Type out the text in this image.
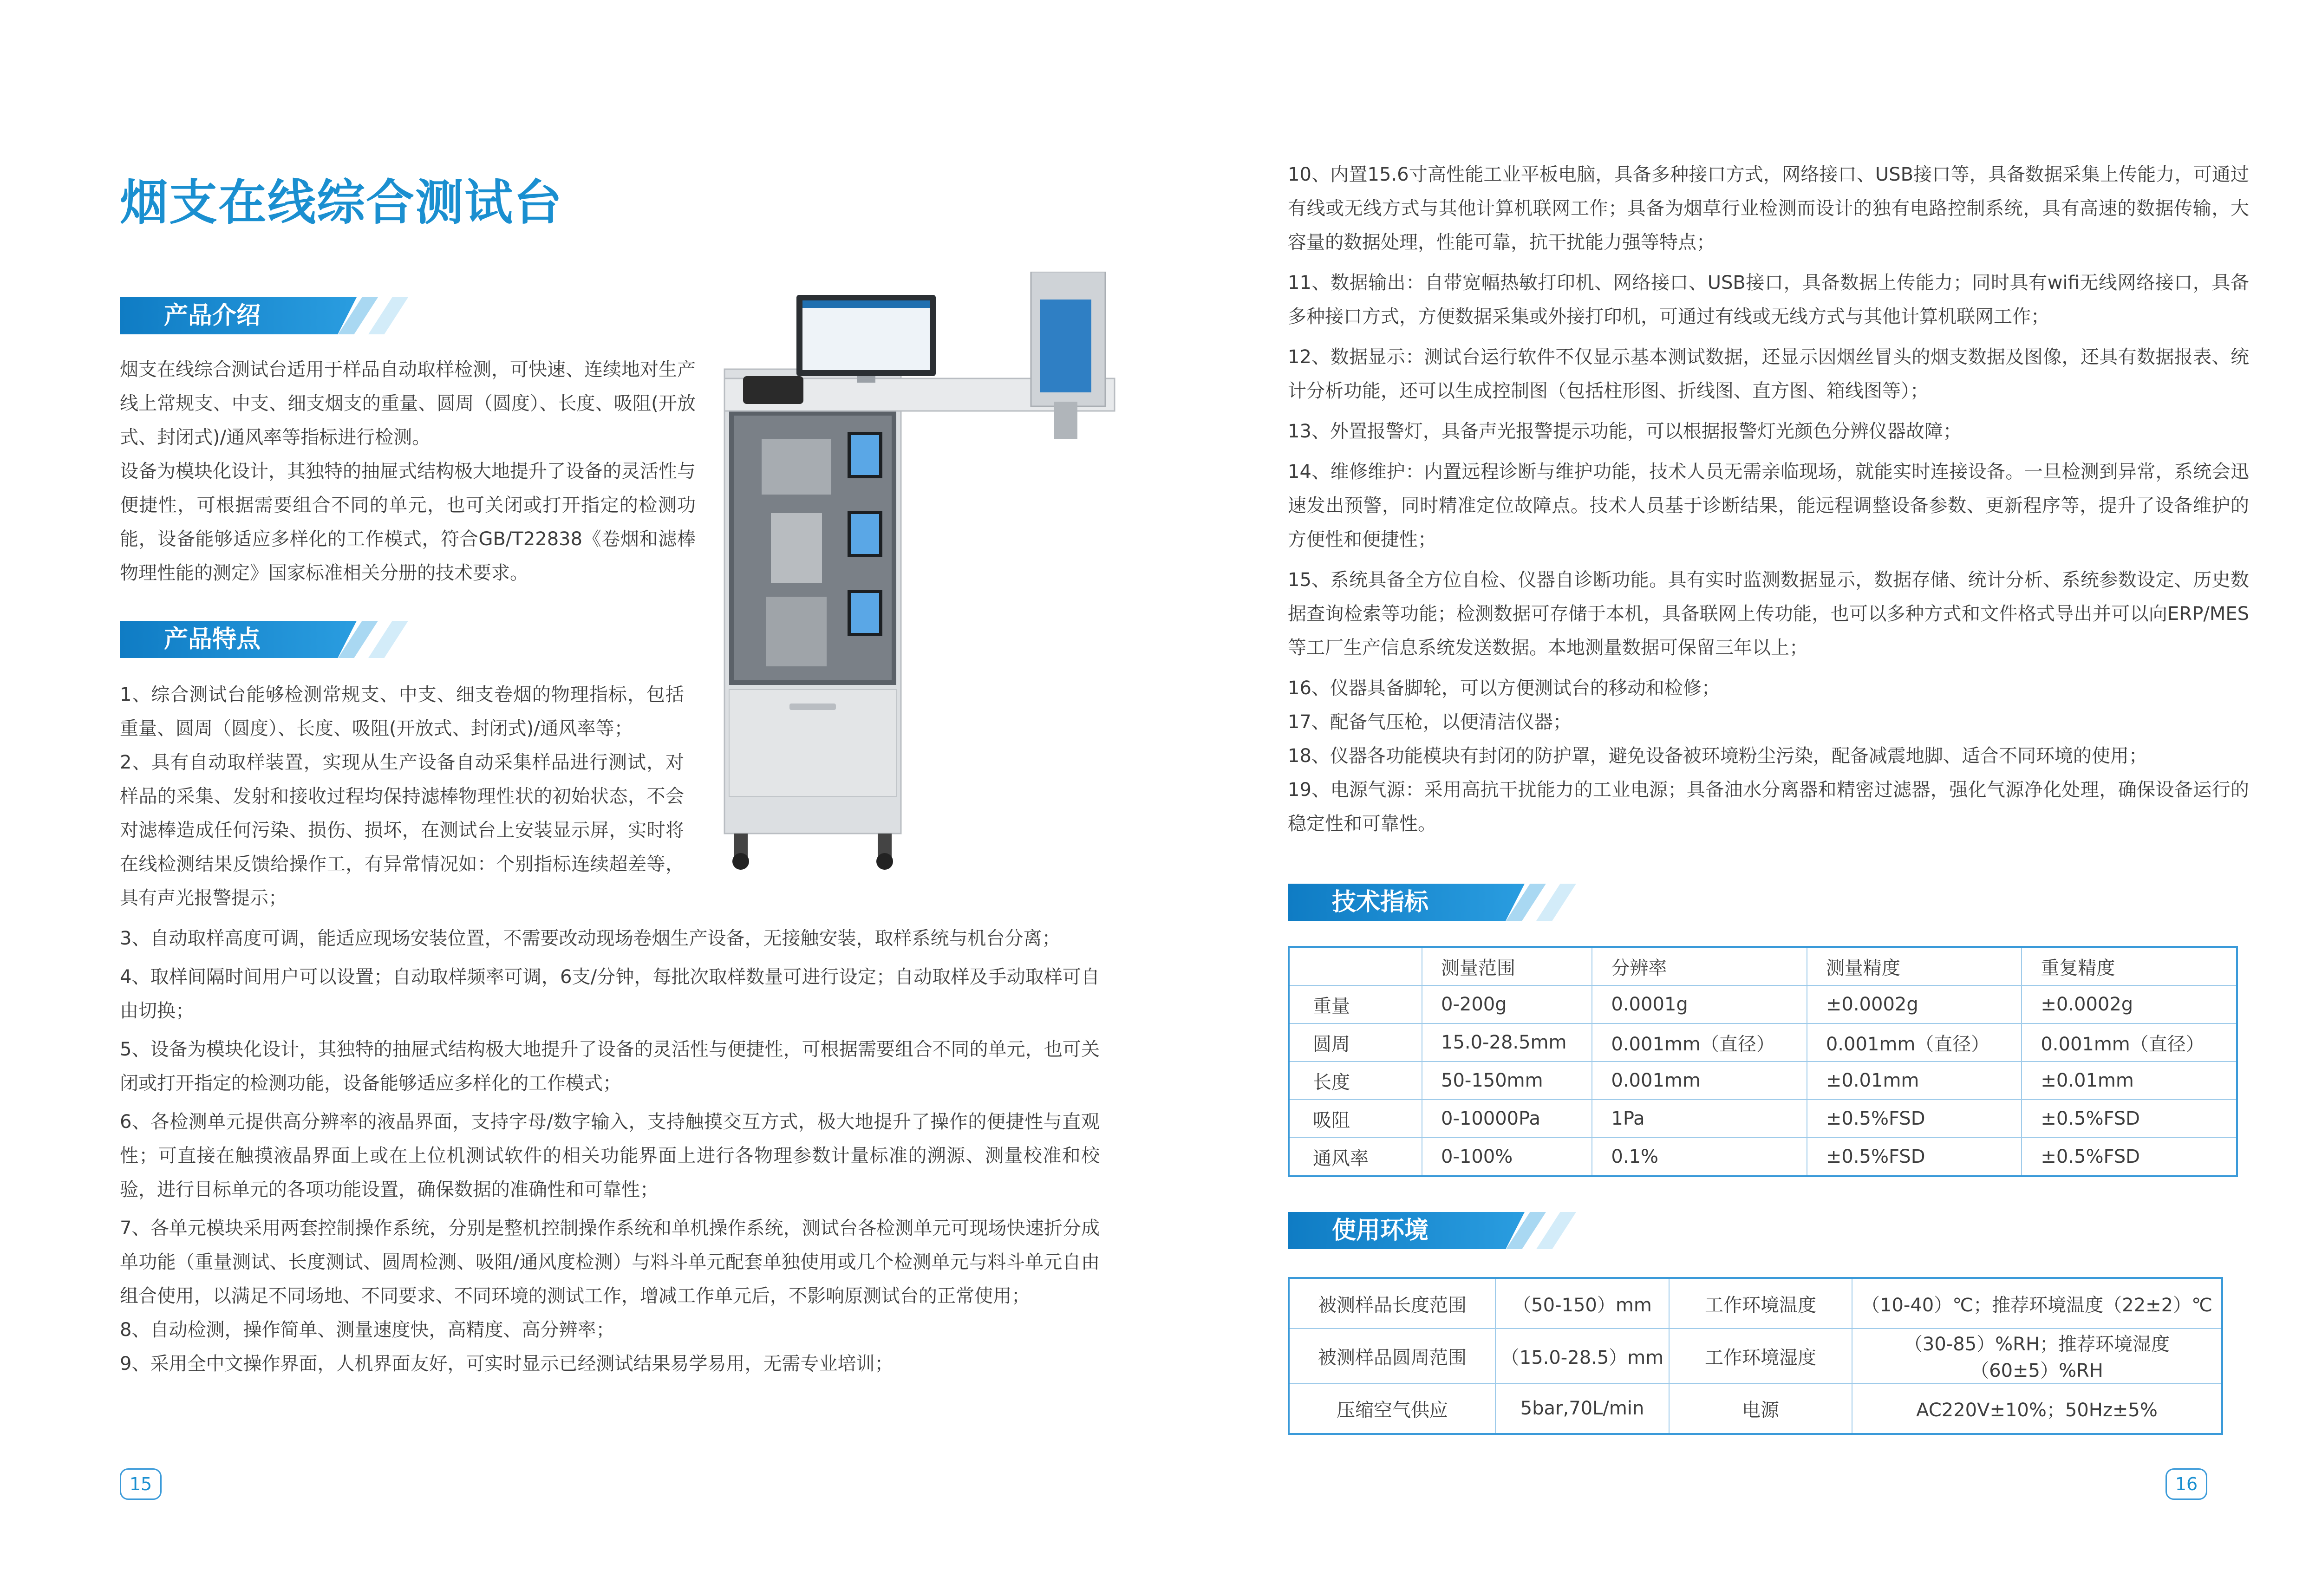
烟支在线综合测试台
产品介绍

烟支在线综合测试台适用于样品自动取样检测，可快速、连续地对生产线上常规支、中支、细支烟支的重量、圆周（圆度）、长度、吸阻(开放式、封闭式)/通风率等指标进行检测。

设备为模块化设计，其独特的抽屉式结构极大地提升了设备的灵活性与便捷性，可根据需要组合不同的单元，也可关闭或打开指定的检测功能，设备能够适应多样化的工作模式，符合GB/T22838《卷烟和滤棒物理性能的测定》国家标准相关分册的技术要求。

产品特点

1、综合测试台能够检测常规支、中支、细支卷烟的物理指标，包括重量、圆周（圆度）、长度、吸阻(开放式、封闭式)/通风率等；

2、具有自动取样装置，实现从生产设备自动采集样品进行测试，对样品的采集、发射和接收过程均保持滤棒物理性状的初始状态，不会对滤棒造成任何污染、损伤、损坏，在测试台上安装显示屏，实时将在线检测结果反馈给操作工，有异常情况如：个别指标连续超差等，具有声光报警提示；

3、自动取样高度可调，能适应现场安装位置，不需要改动现场卷烟生产设备，无接触安装，取样系统与机台分离；

4、取样间隔时间用户可以设置；自动取样频率可调，6支/分钟，每批次取样数量可进行设定；自动取样及手动取样可自由切换；

5、设备为模块化设计，其独特的抽屉式结构极大地提升了设备的灵活性与便捷性，可根据需要组合不同的单元，也可关闭或打开指定的检测功能，设备能够适应多样化的工作模式；

6、各检测单元提供高分辨率的液晶界面，支持字母/数字输入，支持触摸交互方式，极大地提升了操作的便捷性与直观性；可直接在触摸液晶界面上或在上位机测试软件的相关功能界面上进行各物理参数计量标准的溯源、测量校准和校验，进行目标单元的各项功能设置，确保数据的准确性和可靠性；

7、各单元模块采用两套控制操作系统，分别是整机控制操作系统和单机操作系统，测试台各检测单元可现场快速折分成单功能（重量测试、长度测试、圆周检测、吸阻/通风度检测）与料斗单元配套单独使用或几个检测单元与料斗单元自由组合使用，以满足不同场地、不同要求、不同环境的测试工作，增减工作单元后，不影响原测试台的正常使用；

8、自动检测，操作简单、测量速度快，高精度、高分辨率；

9、采用全中文操作界面，人机界面友好，可实时显示已经测试结果易学易用，无需专业培训；

15

10、内置15.6寸高性能工业平板电脑，具备多种接口方式，网络接口、USB接口等，具备数据采集上传能力，可通过有线或无线方式与其他计算机联网工作；具备为烟草行业检测而设计的独有电路控制系统，具有高速的数据传输，大容量的数据处理，性能可靠，抗干扰能力强等特点；

11、数据输出：自带宽幅热敏打印机、网络接口、USB接口，具备数据上传能力；同时具有wifi无线网络接口，具备多种接口方式，方便数据采集或外接打印机，可通过有线或无线方式与其他计算机联网工作；

12、数据显示：测试台运行软件不仅显示基本测试数据，还显示因烟丝冒头的烟支数据及图像，还具有数据报表、统计分析功能，还可以生成控制图（包括柱形图、折线图、直方图、箱线图等）；

13、外置报警灯，具备声光报警提示功能，可以根据报警灯光颜色分辨仪器故障；

14、维修维护：内置远程诊断与维护功能，技术人员无需亲临现场，就能实时连接设备。一旦检测到异常，系统会迅速发出预警，同时精准定位故障点。技术人员基于诊断结果，能远程调整设备参数、更新程序等，提升了设备维护的方便性和便捷性；

15、系统具备全方位自检、仪器自诊断功能。具有实时监测数据显示，数据存储、统计分析、系统参数设定、历史数据查询检索等功能；检测数据可存储于本机，具备联网上传功能，也可以多种方式和文件格式导出并可以向ERP/MES等工厂生产信息系统发送数据。本地测量数据可保留三年以上；

16、仪器具备脚轮，可以方便测试台的移动和检修；

17、配备气压枪，以便清洁仪器；

18、仪器各功能模块有封闭的防护罩，避免设备被环境粉尘污染，配备减震地脚、适合不同环境的使用；

19、电源气源：采用高抗干扰能力的工业电源；具备油水分离器和精密过滤器，强化气源净化处理，确保设备运行的稳定性和可靠性。

技术指标
	测量范围	分辨率	测量精度	重复精度
重量	0-200g	0.0001g	±0.0002g	±0.0002g
圆周	15.0-28.5mm	0.001mm（直径）	0.001mm（直径）	0.001mm（直径）
长度	50-150mm	0.001mm	±0.01mm	±0.01mm
吸阻	0-10000Pa	1Pa	±0.5%FSD	±0.5%FSD
通风率	0-100%	0.1%	±0.5%FSD	±0.5%FSD
使用环境
被测样品长度范围	（50-150）mm	工作环境温度	（10-40）℃；推荐环境温度（22±2）℃
被测样品圆周范围	（15.0-28.5）mm	工作环境湿度	（30-85）%RH；推荐环境湿度（60±5）%RH
压缩空气供应	5bar,70L/min	电源	AC220V±10%；50Hz±5%
16
